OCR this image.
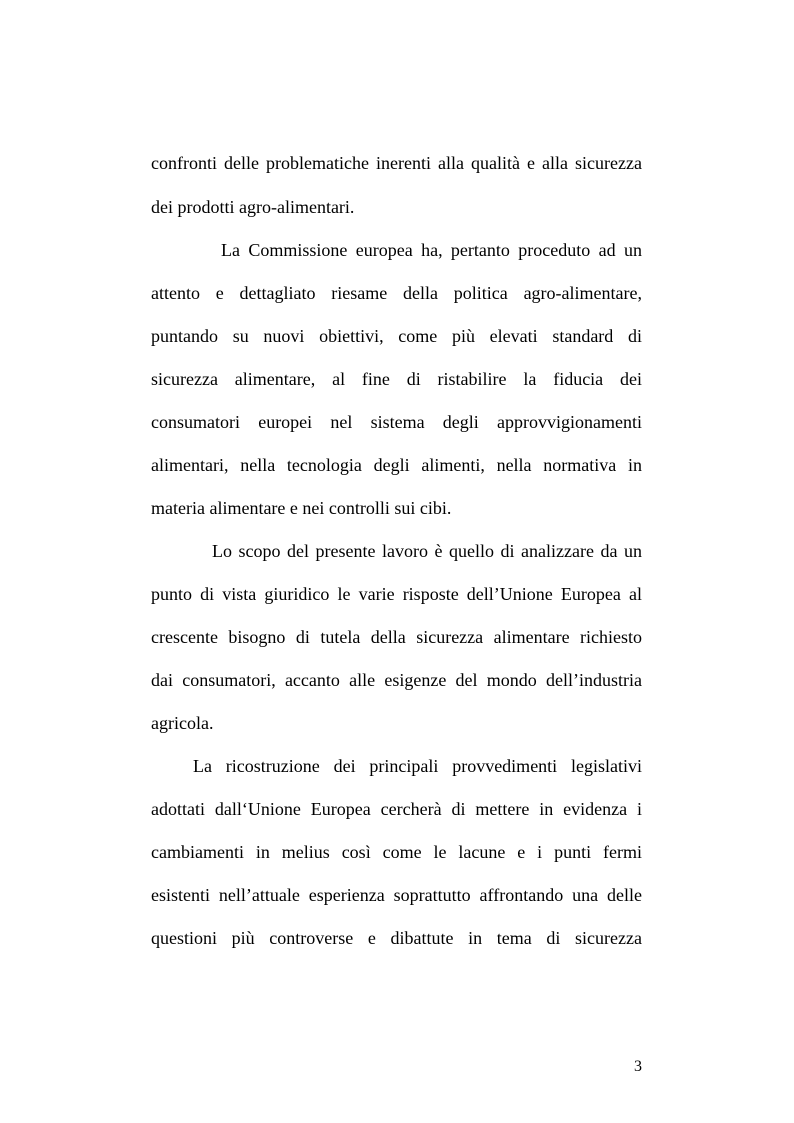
confronti delle problematiche inerenti alla qualità e alla sicurezza
dei prodotti agro-alimentari.
La Commissione europea ha, pertanto proceduto ad un
attento e dettagliato riesame della politica agro-alimentare,
puntando su nuovi obiettivi, come più elevati standard di
sicurezza alimentare, al fine di ristabilire la fiducia dei
consumatori europei nel sistema degli approvvigionamenti
alimentari, nella tecnologia degli alimenti, nella normativa in
materia alimentare e nei controlli sui cibi.
Lo scopo del presente lavoro è quello di analizzare da un
punto di vista giuridico le varie risposte dell’Unione Europea al
crescente bisogno di tutela della sicurezza alimentare richiesto
dai consumatori, accanto alle esigenze del mondo dell’industria
agricola.
La ricostruzione dei principali provvedimenti legislativi
adottati dall‘Unione Europea cercherà di mettere in evidenza i
cambiamenti in melius così come le lacune e i punti fermi
esistenti nell’attuale esperienza soprattutto affrontando una delle
questioni più controverse e dibattute in tema di sicurezza
3
